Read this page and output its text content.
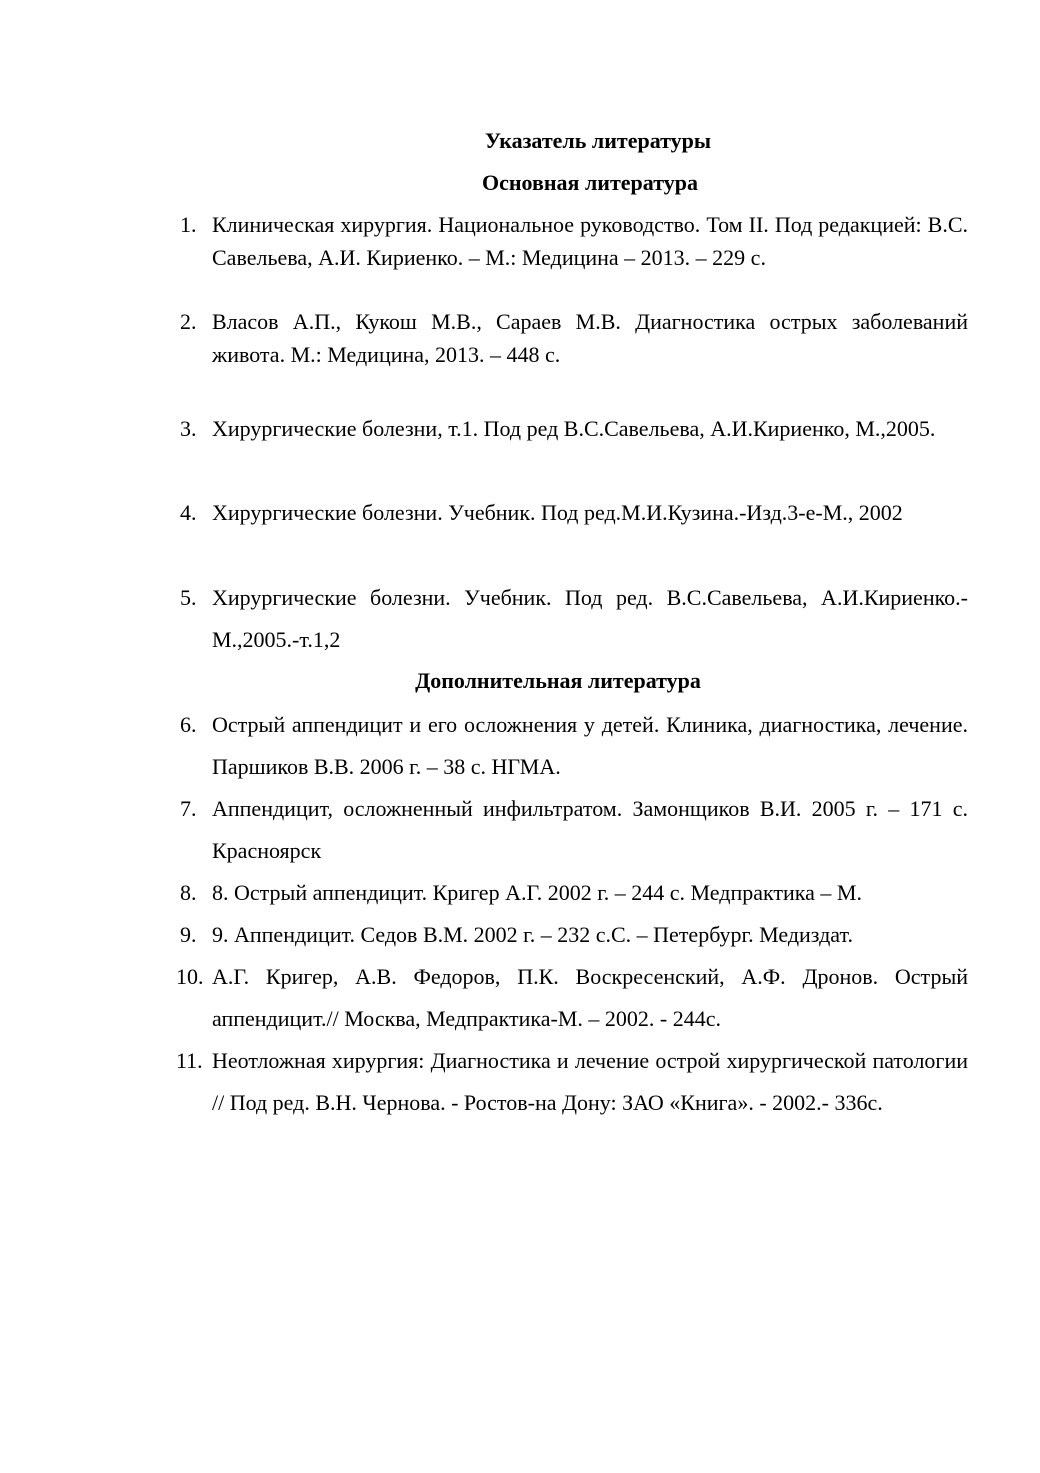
Указатель литературы
Основная литература
1. Клиническая хирургия. Национальное руководство. Том II. Под редакцией: В.С. Савельева, А.И. Кириенко. – М.: Медицина – 2013. – 229 с.
2. Власов А.П., Кукош М.В., Сараев М.В. Диагностика острых заболеваний живота. М.: Медицина, 2013. – 448 с.
3. Хирургические болезни, т.1. Под ред В.С.Савельева, А.И.Кириенко, М.,2005.
4. Хирургические болезни. Учебник. Под ред.М.И.Кузина.-Изд.3-е-М., 2002
5. Хирургические болезни. Учебник. Под ред. В.С.Савельева, А.И.Кириенко.-М.,2005.-т.1,2
Дополнительная литература
6. Острый аппендицит и его осложнения у детей. Клиника, диагностика, лечение. Паршиков В.В. 2006 г. – 38 с. НГМА.
7. Аппендицит, осложненный инфильтратом. Замонщиков В.И. 2005 г. – 171 с. Красноярск
8. 8. Острый аппендицит. Кригер А.Г. 2002 г. – 244 с. Медпрактика – М.
9. 9. Аппендицит. Седов В.М. 2002 г. – 232 с.С. – Петербург. Медиздат.
10. А.Г. Кригер, А.В. Федоров, П.К. Воскресенский, А.Ф. Дронов. Острый аппендицит.// Москва, Медпрактика-М. – 2002. - 244с.
11. Неотложная хирургия: Диагностика и лечение острой хирургической патологии // Под ред. В.Н. Чернова. - Ростов-на Дону: ЗАО «Книга». - 2002.- 336с.
